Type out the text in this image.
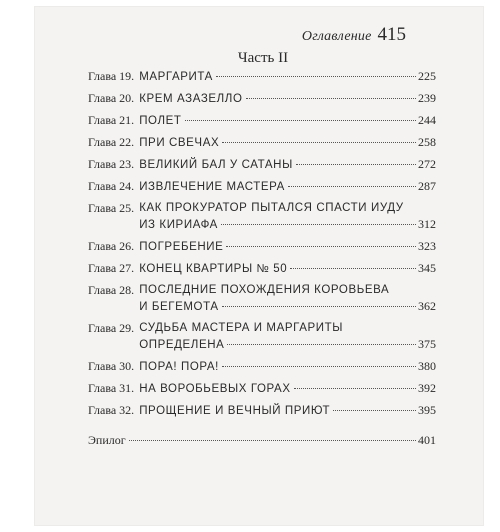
Оглавление 415
Часть II
Глава 19. МАРГАРИТА	225
Глава 20. КРЕМ АЗАЗЕЛЛО	239
Глава 21. ПОЛЕТ	244
Глава 22. ПРИ СВЕЧАХ	258
Глава 23. ВЕЛИКИЙ БАЛ У САТАНЫ	272
Глава 24. ИЗВЛЕЧЕНИЕ МАСТЕРА	287
Глава 25. КАК ПРОКУРАТОР ПЫТАЛСЯ СПАСТИ ИУДУ
ИЗ КИРИАФА	312
Глава 26. ПОГРЕБЕНИЕ	323
Глава 27. КОНЕЦ КВАРТИРЫ № 50	345
Глава 28. ПОСЛЕДНИЕ ПОХОЖДЕНИЯ КОРОВЬЕВА
И БЕГЕМОТА	362
Глава 29. СУДЬБА МАСТЕРА И МАРГАРИТЫ
ОПРЕДЕЛЕНА	375
Глава 30. ПОРА! ПОРА!	380
Глава 31. НА ВОРОБЬЕВЫХ ГОРАХ	392
Глава 32. ПРОЩЕНИЕ И ВЕЧНЫЙ ПРИЮТ	395
Эпилог	401
